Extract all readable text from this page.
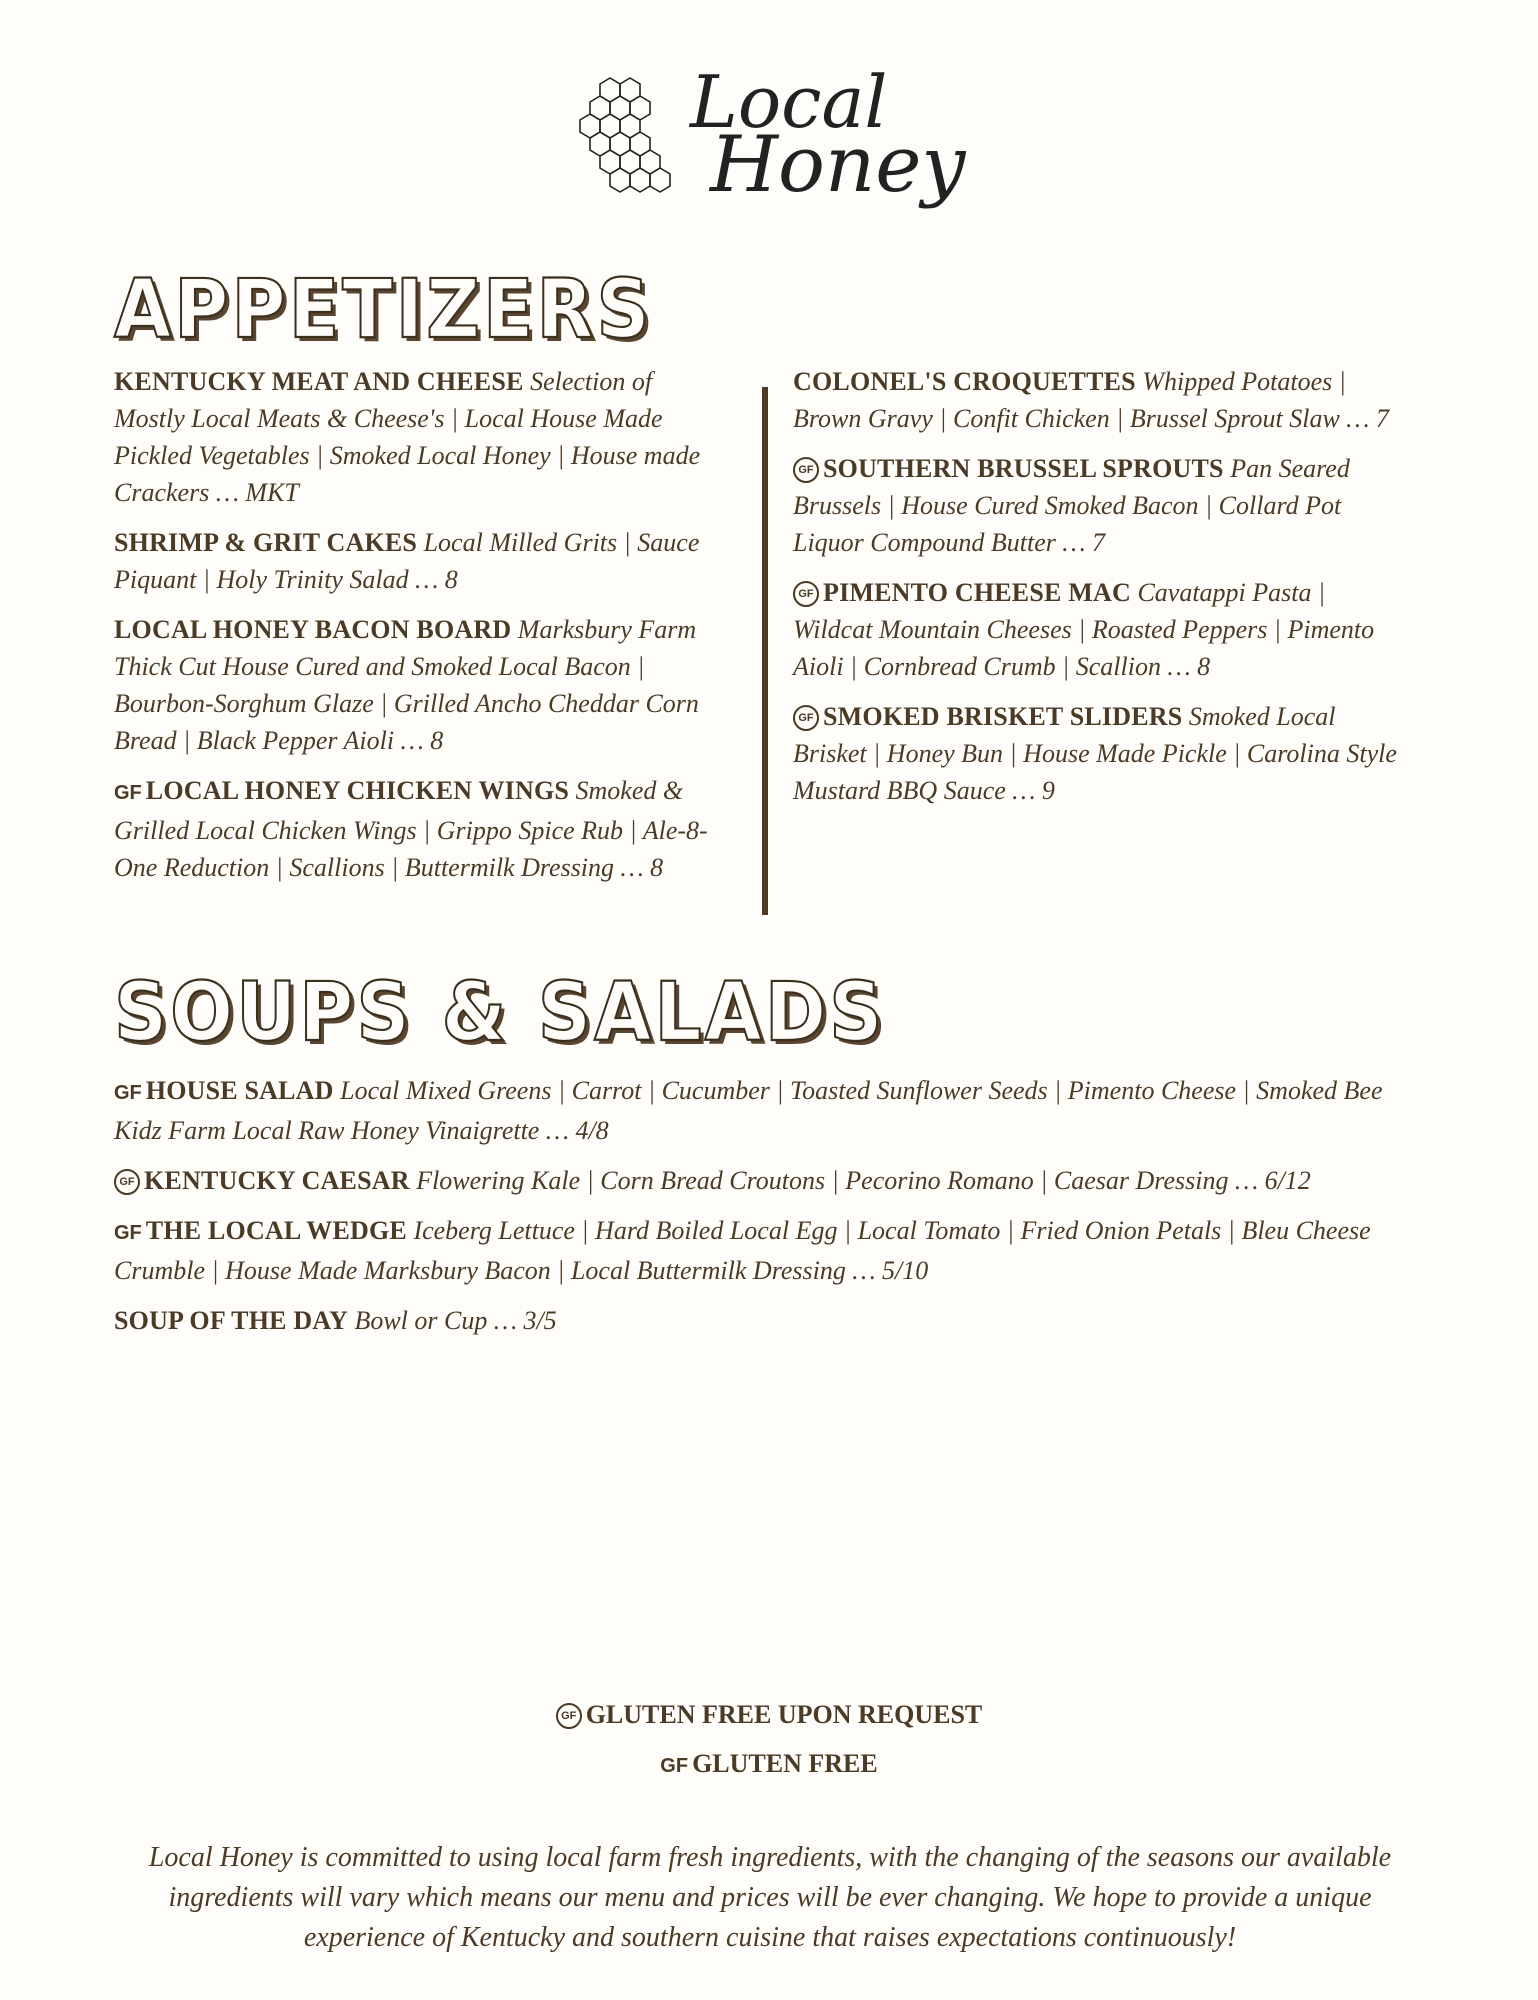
Local
Honey
APPETIZERS
KENTUCKY MEAT AND CHEESE Selection of Mostly Local Meats & Cheese's | Local House Made Pickled Vegetables | Smoked Local Honey | House made Crackers … MKT
SHRIMP & GRIT CAKES Local Milled Grits | Sauce Piquant | Holy Trinity Salad … 8
LOCAL HONEY BACON BOARD Marksbury Farm Thick Cut House Cured and Smoked Local Bacon | Bourbon-Sorghum Glaze | Grilled Ancho Cheddar Corn Bread | Black Pepper Aioli … 8
GF LOCAL HONEY CHICKEN WINGS Smoked & Grilled Local Chicken Wings | Grippo Spice Rub | Ale-8-One Reduction | Scallions | Buttermilk Dressing … 8
COLONEL'S CROQUETTES Whipped Potatoes | Brown Gravy | Confit Chicken | Brussel Sprout Slaw … 7
GF SOUTHERN BRUSSEL SPROUTS Pan Seared Brussels | House Cured Smoked Bacon | Collard Pot Liquor Compound Butter … 7
GF PIMENTO CHEESE MAC Cavatappi Pasta | Wildcat Mountain Cheeses | Roasted Peppers | Pimento Aioli | Cornbread Crumb | Scallion … 8
GF SMOKED BRISKET SLIDERS Smoked Local Brisket | Honey Bun | House Made Pickle | Carolina Style Mustard BBQ Sauce … 9
SOUPS & SALADS
GF HOUSE SALAD Local Mixed Greens | Carrot | Cucumber | Toasted Sunflower Seeds | Pimento Cheese | Smoked Bee Kidz Farm Local Raw Honey Vinaigrette … 4/8
GF KENTUCKY CAESAR Flowering Kale | Corn Bread Croutons | Pecorino Romano | Caesar Dressing … 6/12
GF THE LOCAL WEDGE Iceberg Lettuce | Hard Boiled Local Egg | Local Tomato | Fried Onion Petals | Bleu Cheese Crumble | House Made Marksbury Bacon | Local Buttermilk Dressing … 5/10
SOUP OF THE DAY Bowl or Cup … 3/5
GF GLUTEN FREE UPON REQUEST
GF GLUTEN FREE
Local Honey is committed to using local farm fresh ingredients, with the changing of the seasons our available ingredients will vary which means our menu and prices will be ever changing. We hope to provide a unique experience of Kentucky and southern cuisine that raises expectations continuously!
